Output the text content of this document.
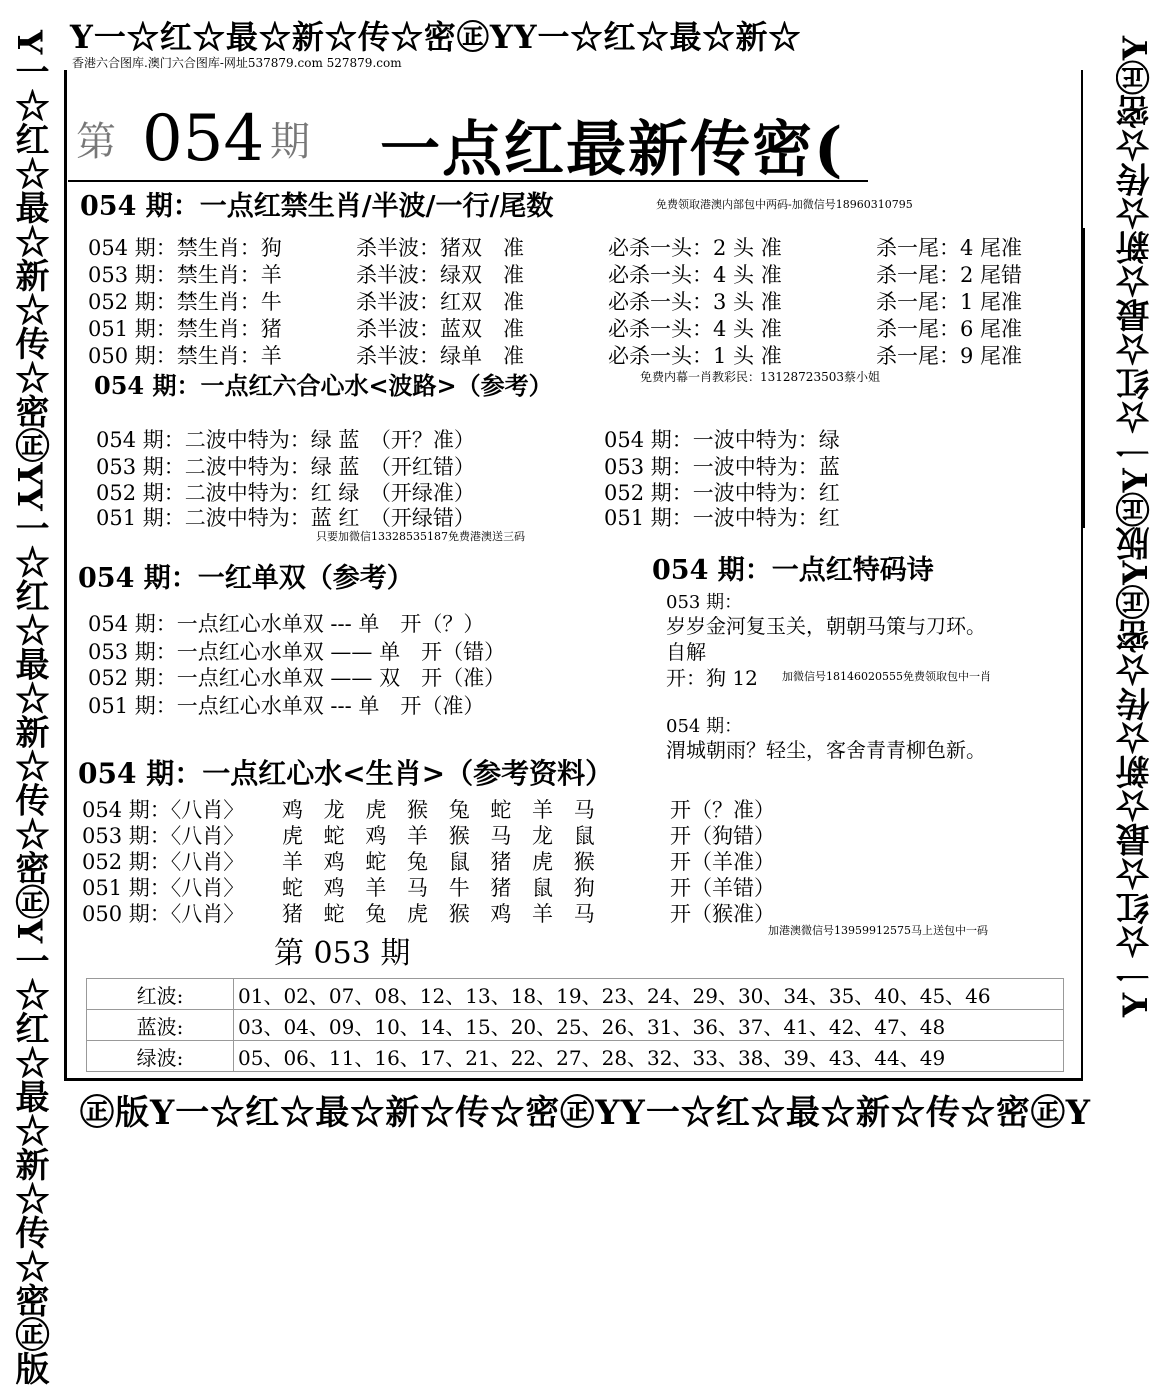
Y一☆红☆最☆新☆传☆密㊣YY一☆红☆最☆新☆
㊣版Y一☆红☆最☆新☆传☆密㊣YY一☆红☆最☆新☆传☆密㊣Y
Y一☆红☆最☆新☆传☆密㊣YY一☆红☆最☆新☆传☆密㊣Y一☆红☆最☆新☆传☆密㊣版	Y一☆红☆最☆新☆传☆密㊣Y版㊣Y一☆红☆最☆新☆传☆密㊣Y
香港六合图库.澳门六合图库-网址537879.com 527879.com
第 054 期 一点红最新传密(
054 期：一点红禁生肖/半波/一行/尾数	免费领取港澳内部包中两码-加微信号18960310795
054 期：禁生肖：狗	杀半波：猪双　准	必杀一头：2 头 准	杀一尾：4 尾准
053 期：禁生肖：羊	杀半波：绿双　准	必杀一头：4 头 准	杀一尾：2 尾错
052 期：禁生肖：牛	杀半波：红双　准	必杀一头：3 头 准	杀一尾：1 尾准
051 期：禁生肖：猪	杀半波：蓝双　准	必杀一头：4 头 准	杀一尾：6 尾准
050 期：禁生肖：羊	杀半波：绿单　准	必杀一头：1 头 准	杀一尾：9 尾准
054 期：一点红六合心水<波路>（参考）	免费内幕一肖教彩民：13128723503蔡小姐
054 期：二波中特为：绿 蓝　（开？准）
053 期：二波中特为：绿 蓝　（开红错）
052 期：二波中特为：红 绿　（开绿准）
051 期：二波中特为：蓝 红　（开绿错）
054 期：一波中特为：绿
053 期：一波中特为：蓝
052 期：一波中特为：红
051 期：一波中特为：红
只要加微信13328535187免费港澳送三码
054 期：一红单双（参考）
054 期：一点红心水单双 --- 单　开（？）
053 期：一点红心水单双 —— 单　开（错）
052 期：一点红心水单双 —— 双　开（准）
051 期：一点红心水单双 --- 单　开（准）
054 期：一点红特码诗
053 期：
岁岁金河复玉关，朝朝马策与刀环。
自解
开：狗 12 加微信号18146020555免费领取包中一肖
054 期：
渭城朝雨？轻尘，客舍青青柳色新。
054 期：一点红心水<生肖>（参考资料）
054 期：〈八肖〉 鸡 龙 虎 猴 兔 蛇 羊 马	开（？准）
053 期：〈八肖〉 虎 蛇 鸡 羊 猴 马 龙 鼠	开（狗错）
052 期：〈八肖〉 羊 鸡 蛇 兔 鼠 猪 虎 猴	开（羊准）
051 期：〈八肖〉 蛇 鸡 羊 马 牛 猪 鼠 狗	开（羊错）
050 期：〈八肖〉 猪 蛇 兔 虎 猴 鸡 羊 马	开（猴准）
加港澳微信号13959912575马上送包中一码
第 053 期
红波:	01、02、07、08、12、13、18、19、23、24、29、30、34、35、40、45、46
蓝波:	03、04、09、10、14、15、20、25、26、31、36、37、41、42、47、48
绿波:	05、06、11、16、17、21、22、27、28、32、33、38、39、43、44、49
